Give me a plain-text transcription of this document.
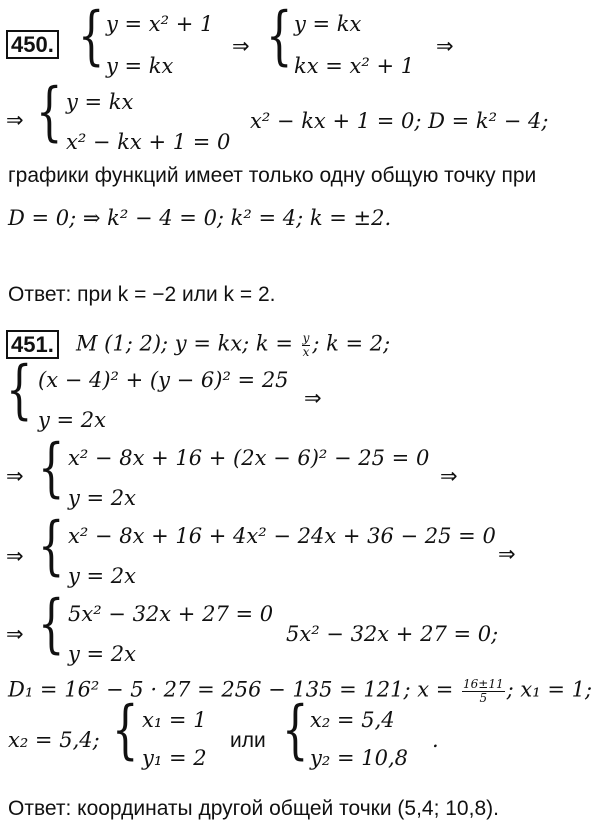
450. { y = x² + 1
y = kx
⇒ { y = kx
kx = x² + 1
⇒
⇒ { y = kx
x² − kx + 1 = 0
x² − kx + 1 = 0; D = k² − 4;
графики функций имеет только одну общую точку при
D = 0; ⇒ k² − 4 = 0; k² = 4; k = ±2.
Ответ: при k = −2 или k = 2.
451. M (1; 2); y = kx; $k = \frac{y}{x}$ ; k = 2;
{ (x − 4)² + (y − 6)² = 25
y = 2x
⇒
⇒ { x² − 8x + 16 + (2x − 6)² − 25 = 0
y = 2x
⇒
⇒ { x² − 8x + 16 + 4x² − 24x + 36 − 25 = 0
y = 2x
⇒
⇒ { 5x² − 32x + 27 = 0
y = 2x
5x² − 32x + 27 = 0;
D₁ = 16² − 5 · 27 = 256 − 135 = 121; $x = \frac{16\pm 11}{5}$ ; x₁ = 1;
x₂ = 5,4; { x₁ = 1
y₁ = 2
или { x₂ = 5,4
y₂ = 10,8
.
Ответ: координаты другой общей точки (5,4; 10,8).
